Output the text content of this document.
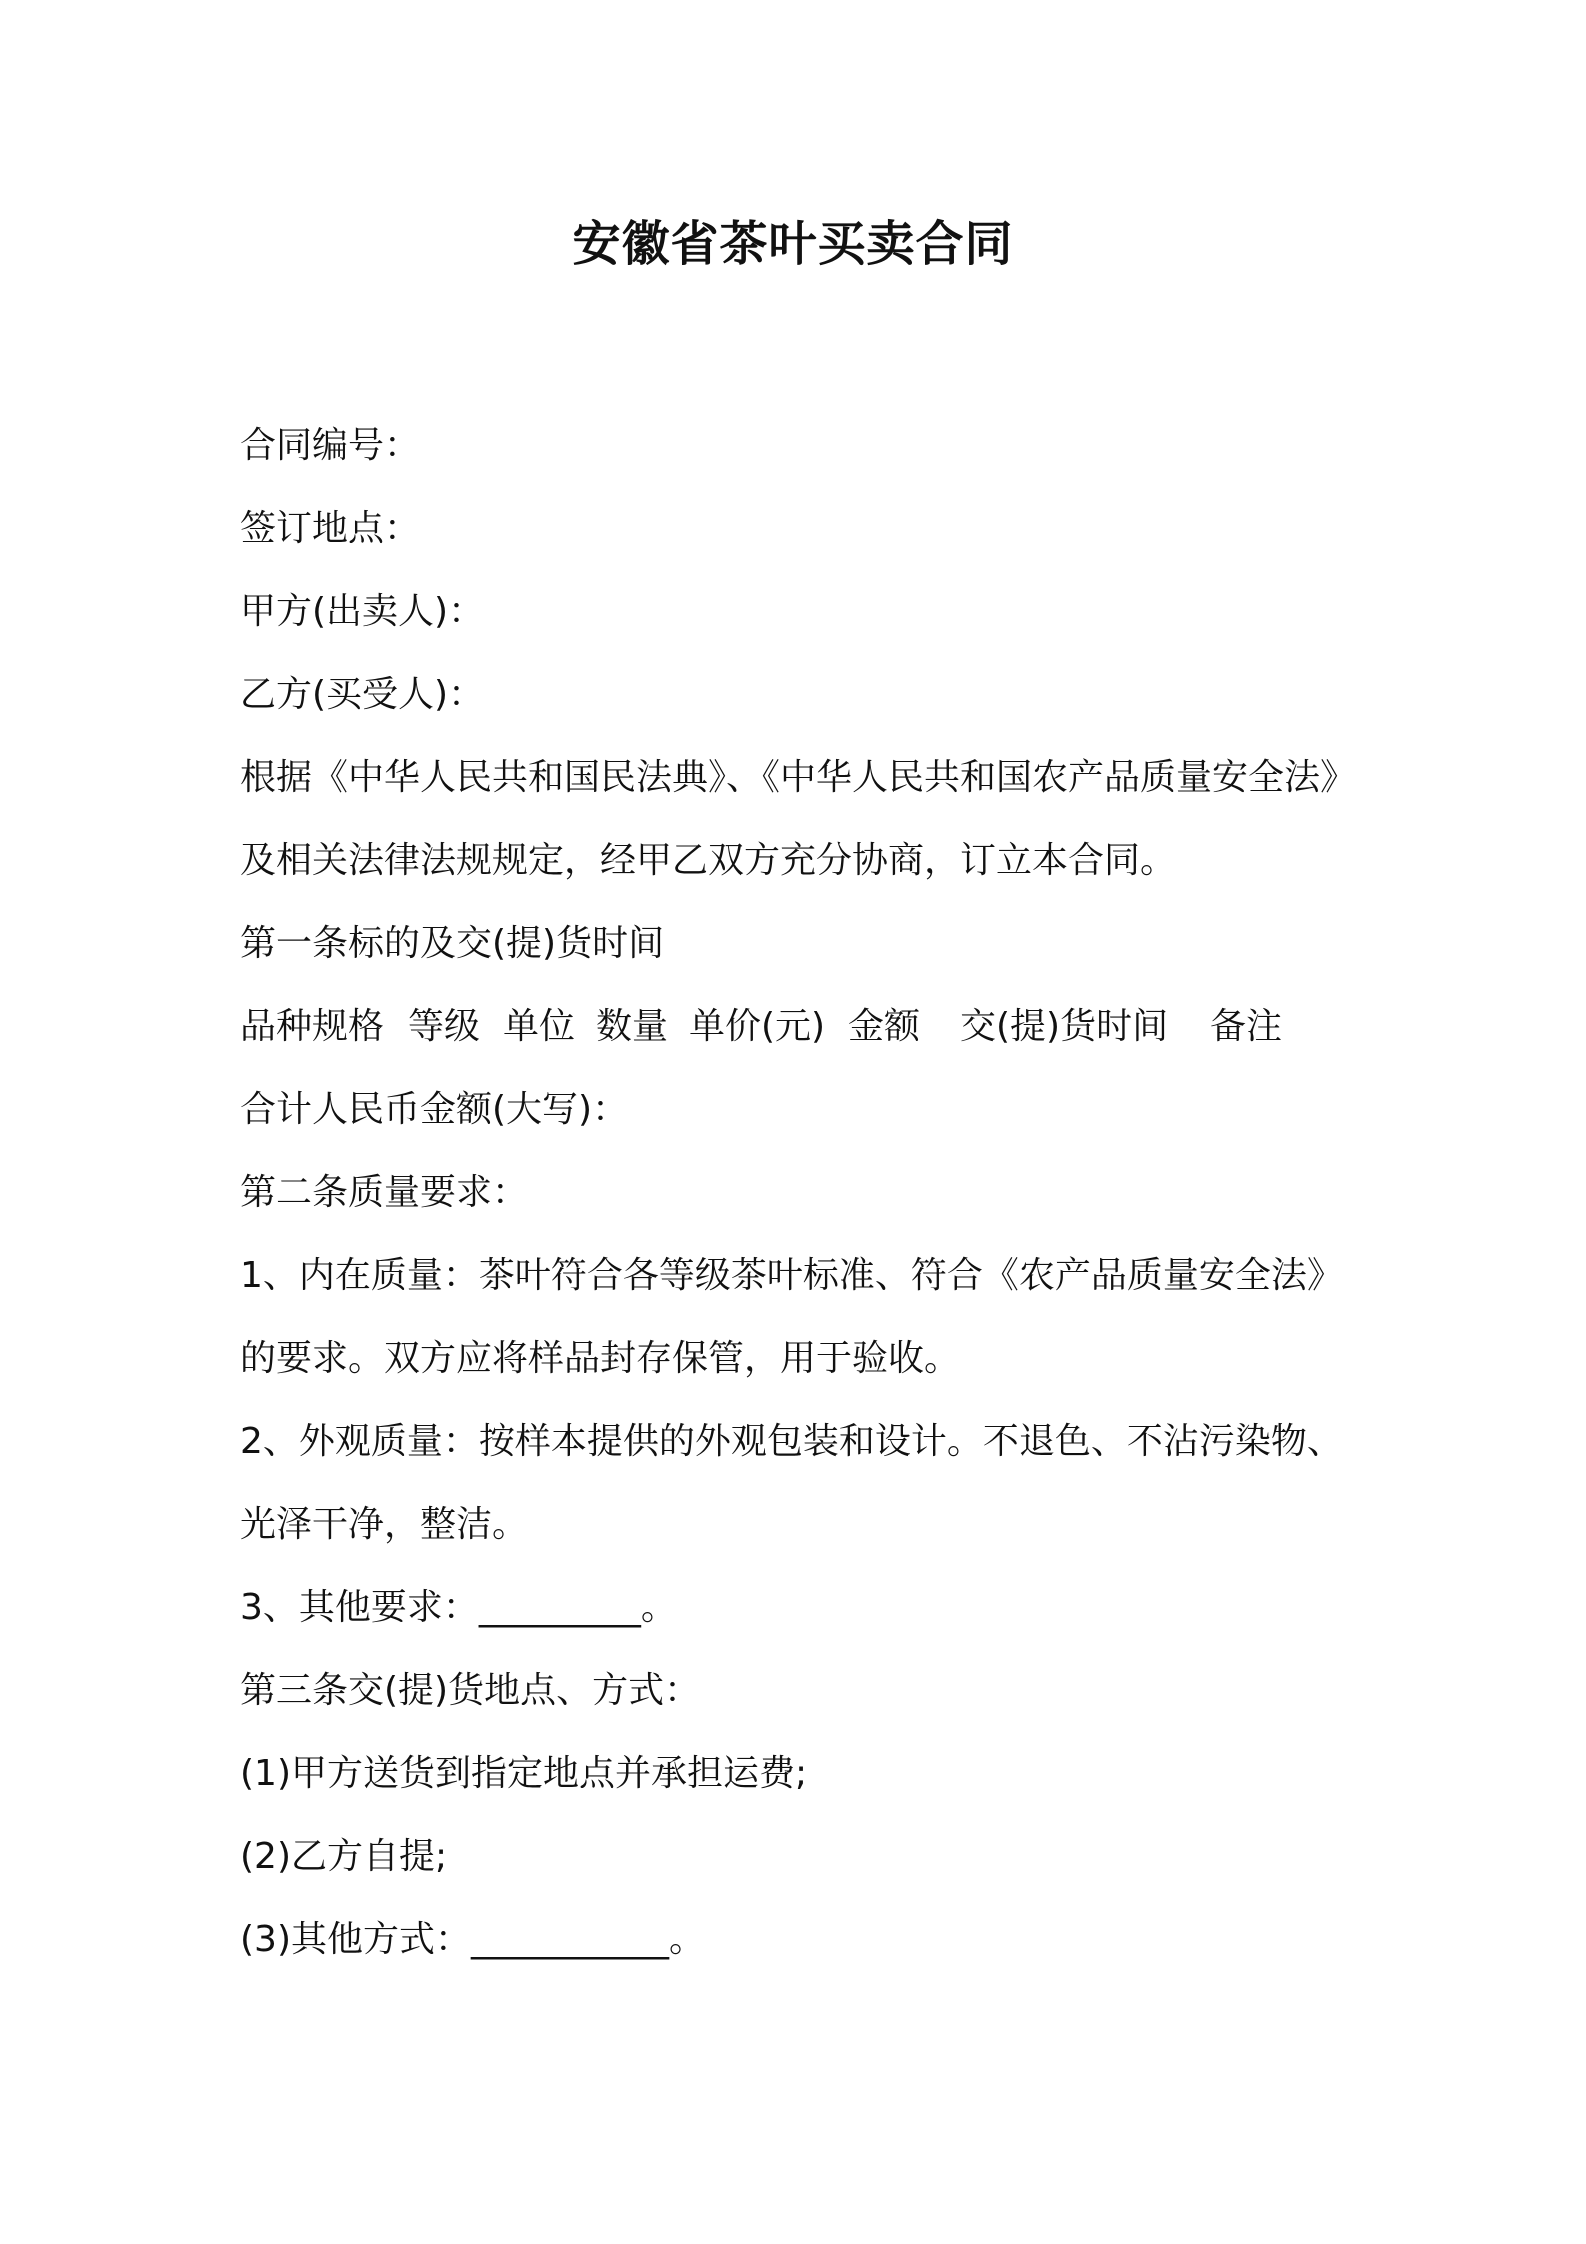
安徽省茶叶买卖合同

合同编号：

签订地点：

甲方(出卖人)：

乙方(买受人)：

根据《中华人民共和国民法典》、《中华人民共和国农产品质量安全法》

及相关法律法规规定，经甲乙双方充分协商，订立本合同。

第一条标的及交(提)货时间

品种规格 等级 单位 数量 单价(元) 金额	交(提)货时间	备注

合计人民币金额(大写)：

第二条质量要求：

1、内在质量：茶叶符合各等级茶叶标准、符合《农产品质量安全法》

的要求。双方应将样品封存保管，用于验收。

2、外观质量：按样本提供的外观包装和设计。不退色、不沾污染物、

光泽干净，整洁。

3、其他要求：_________。

第三条交(提)货地点、方式：

(1)甲方送货到指定地点并承担运费;

(2)乙方自提;

(3)其他方式：___________。
